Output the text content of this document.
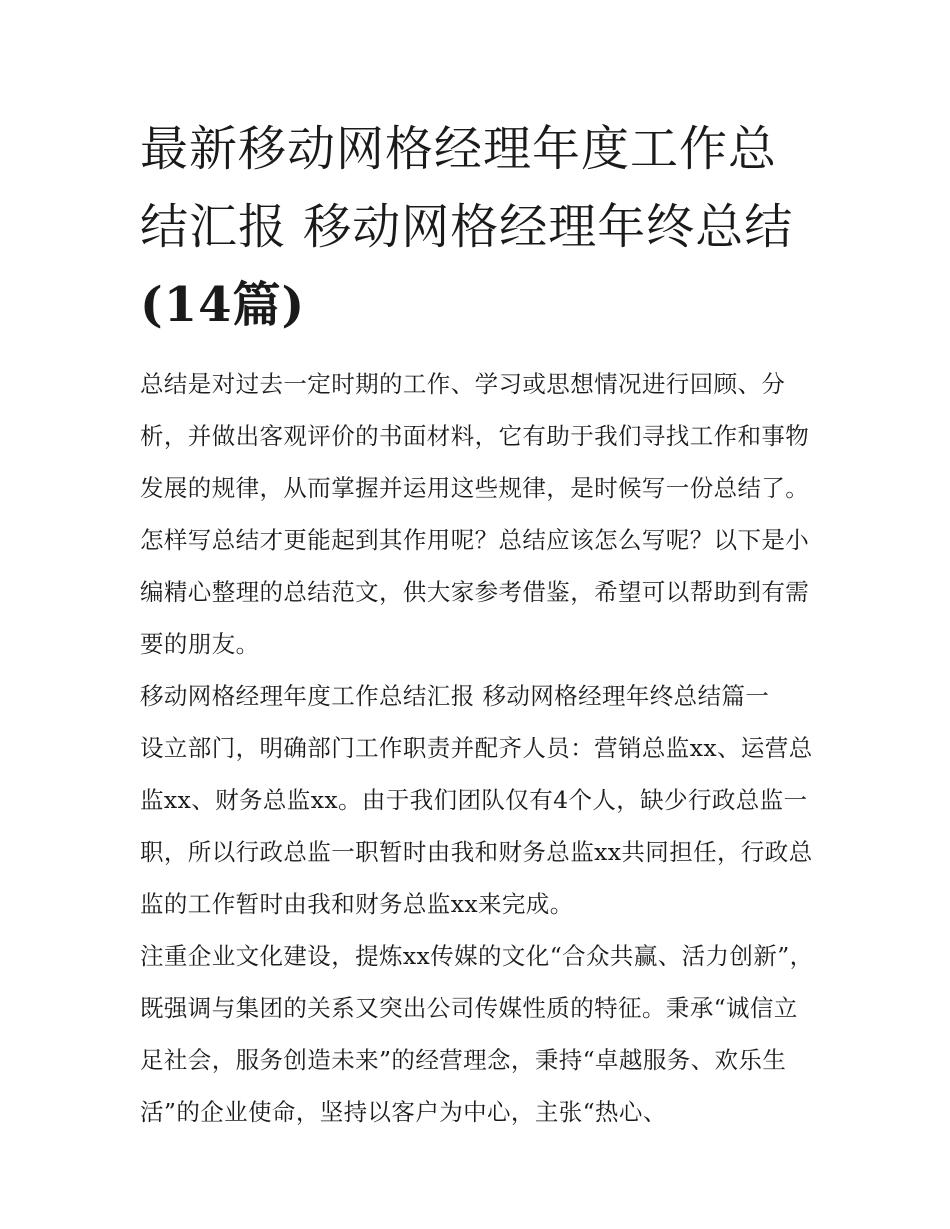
最新移动网格经理年度工作总结汇报 移动网格经理年终总结
(14篇)

总结是对过去一定时期的工作、学习或思想情况进行回顾、分析，并做出客观评价的书面材料，它有助于我们寻找工作和事物发展的规律，从而掌握并运用这些规律，是时候写一份总结了。怎样写总结才更能起到其作用呢？总结应该怎么写呢？以下是小编精心整理的总结范文，供大家参考借鉴，希望可以帮助到有需要的朋友。

移动网格经理年度工作总结汇报 移动网格经理年终总结篇一

设立部门，明确部门工作职责并配齐人员：营销总监xx、运营总监xx、财务总监xx。由于我们团队仅有4个人，缺少行政总监一职，所以行政总监一职暂时由我和财务总监xx共同担任，行政总监的工作暂时由我和财务总监xx来完成。

注重企业文化建设，提炼xx传媒的文化“合众共赢、活力创新”，既强调与集团的关系又突出公司传媒性质的特征。秉承“诚信立足社会，服务创造未来”的经营理念，秉持“卓越服务、欢乐生活”的企业使命，坚持以客户为中心，主张“热心、
